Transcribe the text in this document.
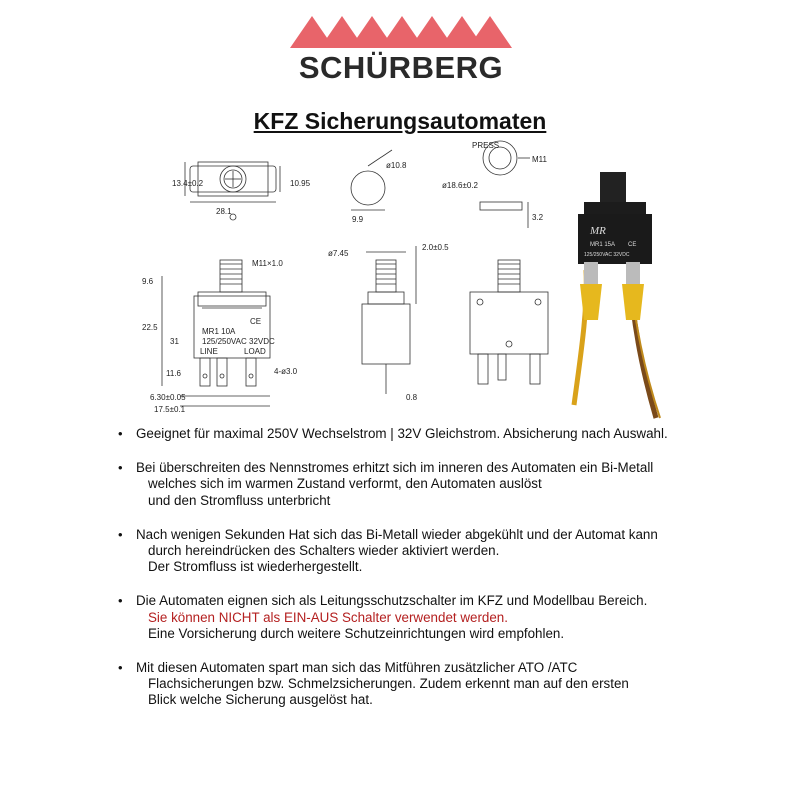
SCHÜRBERG
KFZ Sicherungsautomaten
28.1
10.95
13.4±0.2
ø10.8
9.9
PRESS
M11
ø18.6±0.2
3.2
M11×1.0
MR1 10A
125/250VAC 32VDC
CE
LINE	LOAD
9.6
22.5
31
11.6
6.30±0.05
17.5±0.1
4-ø3.0
ø7.45
2.0±0.5
0.8
MR
MR1 15A CE
125/250VAC 32VDC
• Geeignet für maximal 250V Wechselstrom | 32V Gleichstrom. Absicherung nach Auswahl.
• Bei überschreiten des Nennstromes erhitzt sich im inneren des Automaten ein Bi-Metall
welches sich im warmen Zustand verformt, den Automaten auslöst
und den Stromfluss unterbricht
• Nach wenigen Sekunden Hat sich das Bi-Metall wieder abgekühlt und der Automat kann
durch hereindrücken des Schalters wieder aktiviert werden.
Der Stromfluss ist wiederhergestellt.
• Die Automaten eignen sich als Leitungsschutzschalter im KFZ und Modellbau Bereich.
Sie können NICHT als EIN-AUS Schalter verwendet werden.
Eine Vorsicherung durch weitere Schutzeinrichtungen wird empfohlen.
• Mit diesen Automaten spart man sich das Mitführen zusätzlicher ATO /ATC
Flachsicherungen bzw. Schmelzsicherungen. Zudem erkennt man auf den ersten
Blick welche Sicherung ausgelöst hat.
